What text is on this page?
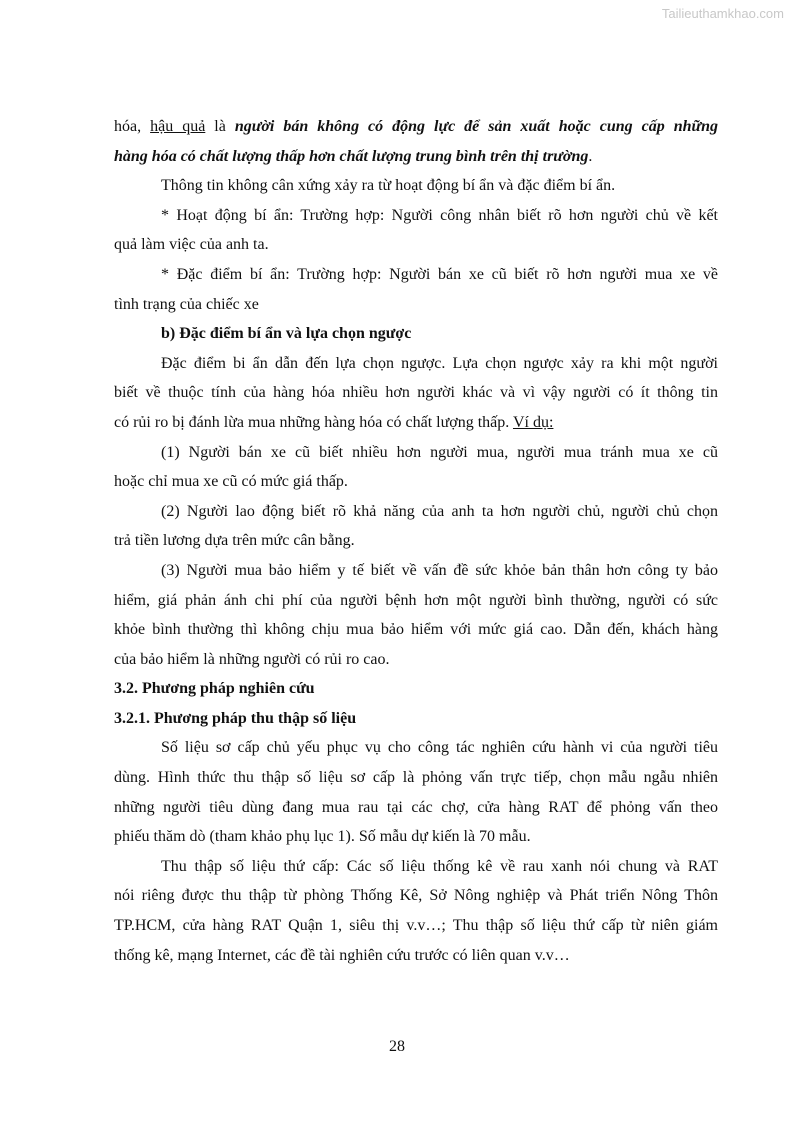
Tailieuthamkhao.com
hóa, hậu quả là người bán không có động lực để sản xuất hoặc cung cấp những
hàng hóa có chất lượng thấp hơn chất lượng trung bình trên thị trường.
Thông tin không cân xứng xảy ra từ hoạt động bí ẩn và đặc điểm bí ẩn.
* Hoạt động bí ẩn: Trường hợp: Người công nhân biết rõ hơn người chủ về kết
quả làm việc của anh ta.
* Đặc điểm bí ẩn: Trường hợp: Người bán xe cũ biết rõ hơn người mua xe về
tình trạng của chiếc xe
b) Đặc điểm bí ẩn và lựa chọn ngược
Đặc điểm bi ẩn dẫn đến lựa chọn ngược. Lựa chọn ngược xảy ra khi một người
biết về thuộc tính của hàng hóa nhiều hơn người khác và vì vậy người có ít thông tin
có rủi ro bị đánh lừa mua những hàng hóa có chất lượng thấp. Ví dụ:
(1) Người bán xe cũ biết nhiều hơn người mua, người mua tránh mua xe cũ
hoặc chỉ mua xe cũ có mức giá thấp.
(2) Người lao động biết rõ khả năng của anh ta hơn người chủ, người chủ chọn
trả tiền lương dựa trên mức cân bằng.
(3) Người mua bảo hiểm y tế biết về vấn đề sức khỏe bản thân hơn công ty bảo
hiểm, giá phản ánh chi phí của người bệnh hơn một người bình thường, người có sức
khỏe bình thường thì không chịu mua bảo hiểm với mức giá cao. Dẫn đến, khách hàng
của bảo hiểm là những người có rủi ro cao.
3.2. Phương pháp nghiên cứu
3.2.1. Phương pháp thu thập số liệu
Số liệu sơ cấp chủ yếu phục vụ cho công tác nghiên cứu hành vi của người tiêu
dùng. Hình thức thu thập số liệu sơ cấp là phỏng vấn trực tiếp, chọn mẫu ngẫu nhiên
những người tiêu dùng đang mua rau tại các chợ, cửa hàng RAT để phỏng vấn theo
phiếu thăm dò (tham khảo phụ lục 1). Số mẫu dự kiến là 70 mẫu.
Thu thập số liệu thứ cấp: Các số liệu thống kê về rau xanh nói chung và RAT
nói riêng được thu thập từ phòng Thống Kê, Sở Nông nghiệp và Phát triển Nông Thôn
TP.HCM, cửa hàng RAT Quận 1, siêu thị v.v…; Thu thập số liệu thứ cấp từ niên giám
thống kê, mạng Internet, các đề tài nghiên cứu trước có liên quan v.v…
28
